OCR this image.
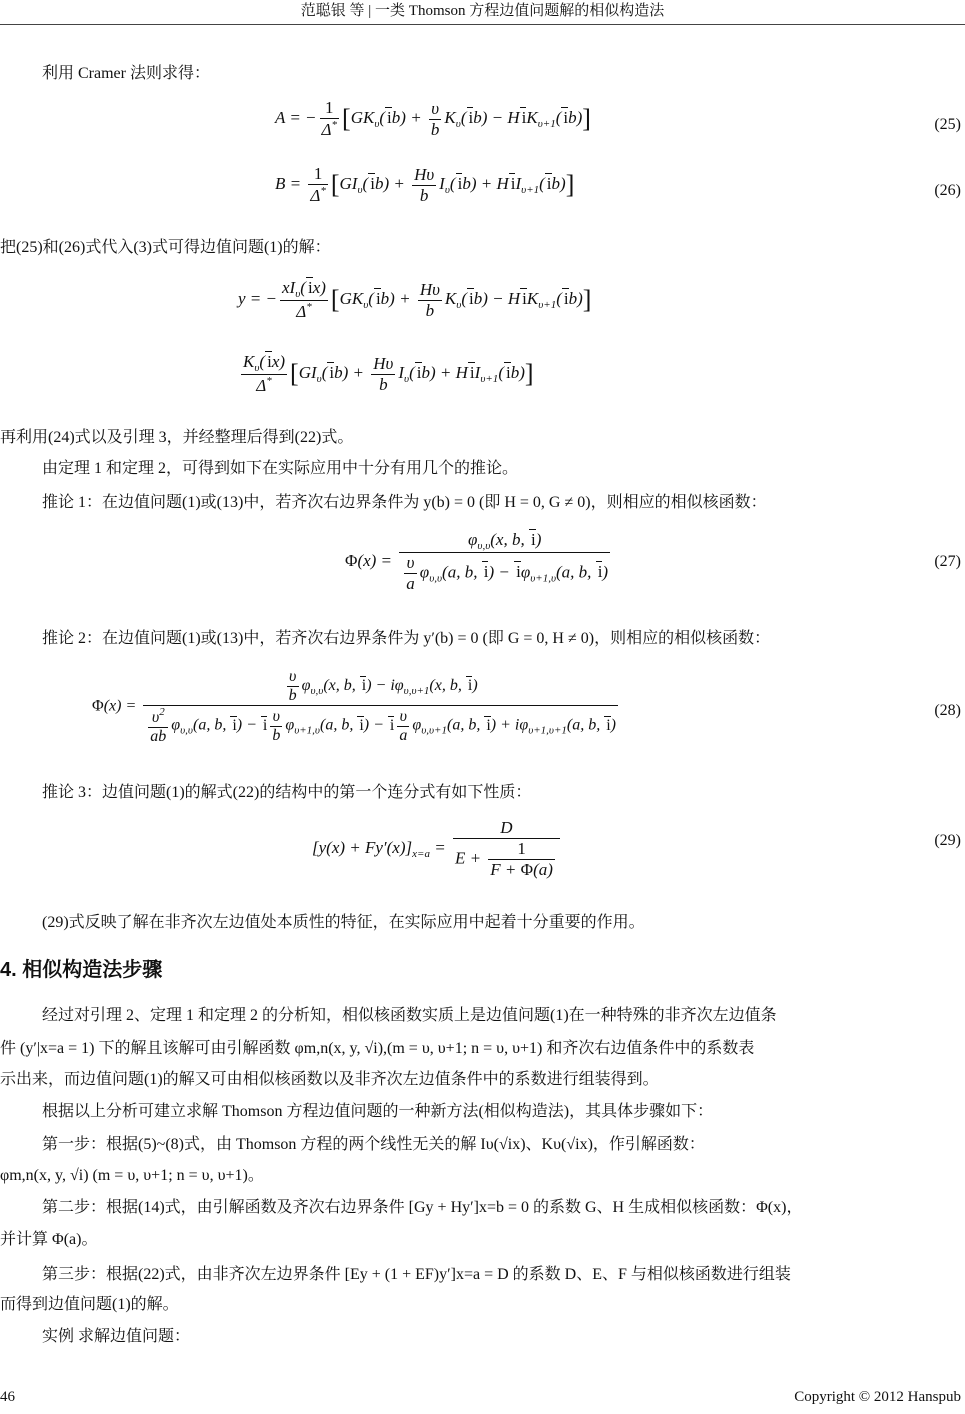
范聪银 等 | 一类 Thomson 方程边值问题解的相似构造法
利用 Cramer 法则求得：
A = − $\frac{1}{\Delta^*} [GK_\upsilon$( $ib) + \frac{\upsilon}{b} K_\upsilon$( ib) − H $iK_{\upsilon+1}$( ib)]	(25)
$B = \frac{1}{\Delta^*} [GI_\upsilon$( $ib) + \frac{H\upsilon}{b} I_\upsilon$( ib) + H $iI_{\upsilon+1}$( ib)]	(26)
把(25)和(26)式代入(3)式可得边值问题(1)的解：
y = − $\frac{xI_\upsilon( ix)}{\Delta^*} [GK_\upsilon$( $ib) + \frac{H\upsilon}{b} K_\upsilon$( ib) − H $iK_{\upsilon+1}$( ib)]
$\frac{K_\upsilon( ix)}{\Delta^*} [GI_\upsilon$( $ib) + \frac{H\upsilon}{b} I_\upsilon$( ib) + H $iI_{\upsilon+1}$( ib)]
再利用(24)式以及引理 3，并经整理后得到(22)式。
由定理 1 和定理 2，可得到如下在实际应用中十分有用几个的推论。
推论 1：在边值问题(1)或(13)中，若齐次右边界条件为 y(b) = 0 (即 H = 0, G ≠ 0)，则相应的相似核函数：
$\Phi(x) = \frac{\varphi_{\upsilon,\upsilon}(x, b, i)}{\frac{\upsilon}{a} \varphi_{\upsilon,\upsilon}(a, b, i) - i\varphi_{\upsilon+1,\upsilon}(a, b, i)}$	(27)
推论 2：在边值问题(1)或(13)中，若齐次右边界条件为 y′(b) = 0 (即 G = 0, H ≠ 0)，则相应的相似核函数：
Φ(x) =
$\frac{\upsilon}{b} \varphi_{\upsilon,\upsilon}(x$, b, $i) - i\varphi_{\upsilon,\upsilon+1}(x$, b, i)
$\frac{\upsilon^2}{ab} \varphi_{\upsilon,\upsilon}(a$, b, i) − i $\frac{\upsilon}{b} \varphi_{\upsilon+1,\upsilon}(a$, b, i) − i $\frac{\upsilon}{a} \varphi_{\upsilon,\upsilon+1}(a$, b, $i) + i\varphi_{\upsilon+1,\upsilon+1}(a$, b, i)
(28)
推论 3：边值问题(1)的解式(22)的结构中的第一个连分式有如下性质：
$[y(x) + Fy'(x)]_{x=a} = \frac{D}{E + \frac{1}{F + \Phi(a)}}$	(29)
(29)式反映了解在非齐次左边值处本质性的特征，在实际应用中起着十分重要的作用。
4. 相似构造法步骤
经过对引理 2、定理 1 和定理 2 的分析知，相似核函数实质上是边值问题(1)在一种特殊的非齐次左边值条
件 (y′|x=a = 1) 下的解且该解可由引解函数 φm,n(x, y, √i),(m = υ, υ+1; n = υ, υ+1) 和齐次右边值条件中的系数表
示出来，而边值问题(1)的解又可由相似核函数以及非齐次左边值条件中的系数进行组装得到。
根据以上分析可建立求解 Thomson 方程边值问题的一种新方法(相似构造法)，其具体步骤如下：
第一步：根据(5)~(8)式，由 Thomson 方程的两个线性无关的解 Iυ(√ix)、Kυ(√ix)，作引解函数：
φm,n(x, y, √i) (m = υ, υ+1; n = υ, υ+1)。
第二步：根据(14)式，由引解函数及齐次右边界条件 [Gy + Hy′]x=b = 0 的系数 G、H 生成相似核函数：Φ(x)，
并计算 Φ(a)。
第三步：根据(22)式，由非齐次左边界条件 [Ey + (1 + EF)y′]x=a = D 的系数 D、E、F 与相似核函数进行组装
而得到边值问题(1)的解。
实例 求解边值问题：
46	Copyright © 2012 Hanspub
